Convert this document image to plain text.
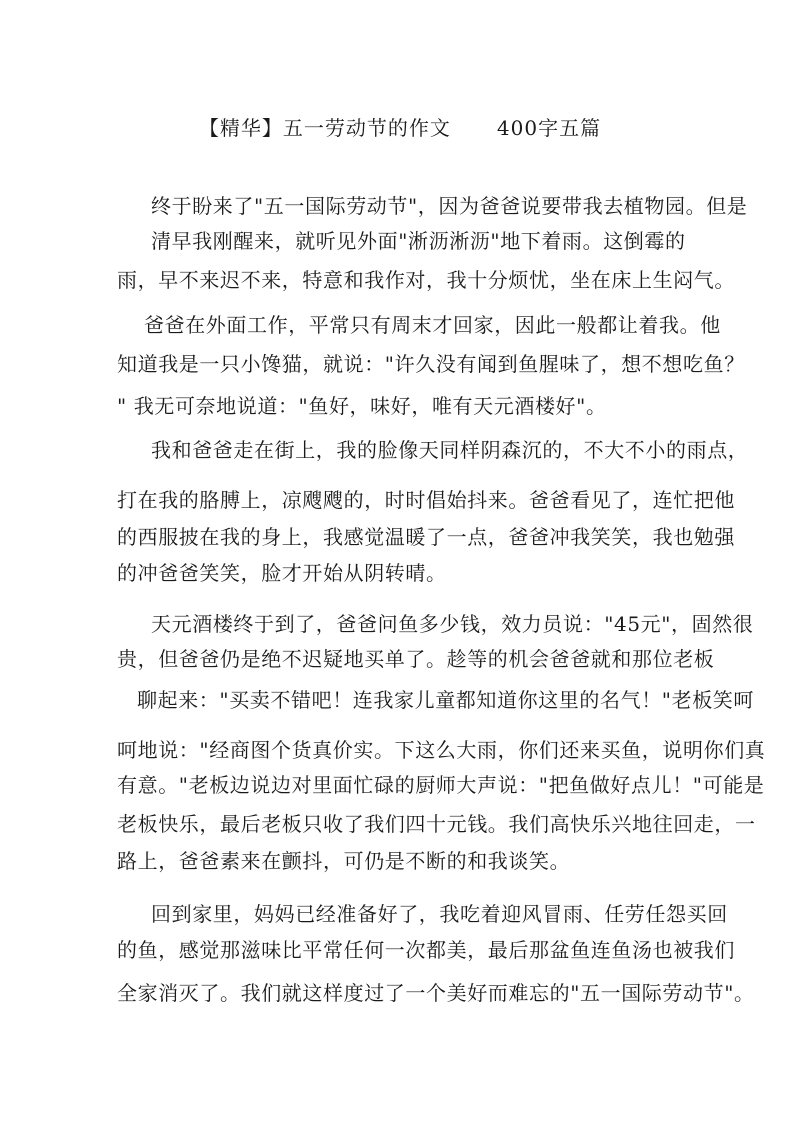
【精华】五一劳动节的作文 400字五篇
终于盼来了"五一国际劳动节"，因为爸爸说要带我去植物园。但是
清早我刚醒来，就听见外面"淅沥淅沥"地下着雨。这倒霉的
雨，早不来迟不来，特意和我作对，我十分烦忧，坐在床上生闷气。
爸爸在外面工作，平常只有周末才回家，因此一般都让着我。他
知道我是一只小馋猫，就说："许久没有闻到鱼腥味了，想不想吃鱼？
" 我无可奈地说道："鱼好，味好，唯有天元酒楼好"。
我和爸爸走在街上，我的脸像天同样阴森沉的，不大不小的雨点，
打在我的胳膊上，凉飕飕的，时时倡始抖来。爸爸看见了，连忙把他
的西服披在我的身上，我感觉温暖了一点，爸爸冲我笑笑，我也勉强
的冲爸爸笑笑，脸才开始从阴转晴。
天元酒楼终于到了，爸爸问鱼多少钱，效力员说："45元"，固然很
贵，但爸爸仍是绝不迟疑地买单了。趁等的机会爸爸就和那位老板
聊起来："买卖不错吧！连我家儿童都知道你这里的名气！"老板笑呵
呵地说："经商图个货真价实。下这么大雨，你们还来买鱼，说明你们真
有意。"老板边说边对里面忙碌的厨师大声说："把鱼做好点儿！"可能是
老板快乐，最后老板只收了我们四十元钱。我们高快乐兴地往回走，一
路上，爸爸素来在颤抖，可仍是不断的和我谈笑。
回到家里，妈妈已经准备好了，我吃着迎风冒雨、任劳任怨买回
的鱼，感觉那滋味比平常任何一次都美，最后那盆鱼连鱼汤也被我们
全家消灭了。我们就这样度过了一个美好而难忘的"五一国际劳动节"。
